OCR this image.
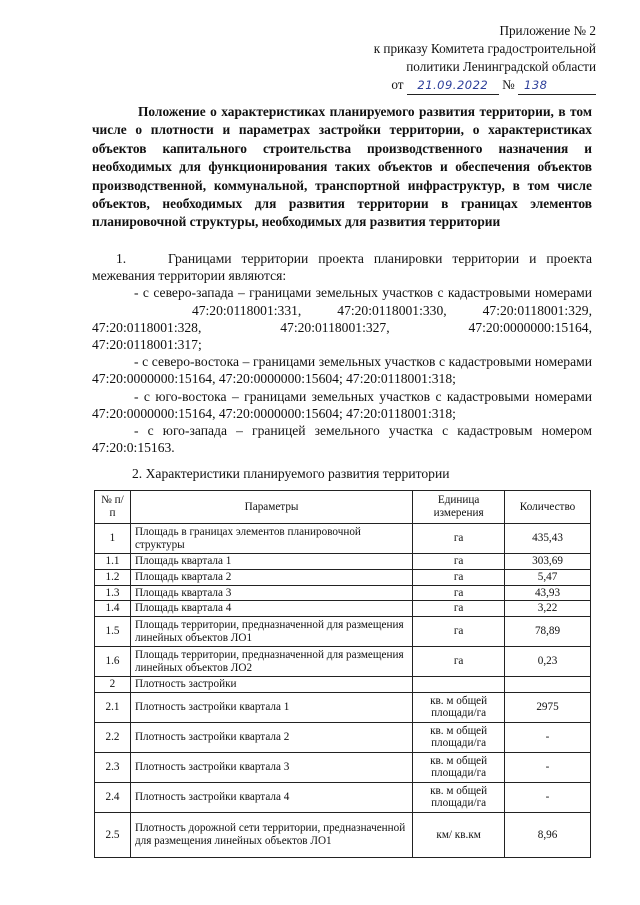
Приложение № 2
к приказу Комитета градостроительной
политики Ленинградской области
от 21.09.2022 № 138
Положение о характеристиках планируемого развития территории, в том числе о плотности и параметрах застройки территории, о характеристиках объектов капитального строительства производственного назначения и необходимых для функционирования таких объектов и обеспечения объектов производственной, коммунальной, транспортной инфраструктур, в том числе объектов, необходимых для развития территории в границах элементов планировочной структуры, необходимых для развития территории

1.	Границами территории проекта планировки территории и проекта межевания территории являются:

- с северо-запада – границами земельных участков с кадастровыми номерами

47:20:0118001:331,	47:20:0118001:330,	47:20:0118001:329,
47:20:0118001:328,	47:20:0118001:327,	47:20:0000000:15164,

47:20:0118001:317;

- с северо-востока – границами земельных участков с кадастровыми номерами 47:20:0000000:15164, 47:20:0000000:15604; 47:20:0118001:318;

- с юго-востока – границами земельных участков с кадастровыми номерами 47:20:0000000:15164, 47:20:0000000:15604; 47:20:0118001:318;

- с юго-запада – границей земельного участка с кадастровым номером 47:20:0:15163.

2. Характеристики планируемого развития территории
№ п/п	Параметры	Единица измерения	Количество
1	Площадь в границах элементов планировочной структуры	га	435,43
1.1	Площадь квартала 1	га	303,69
1.2	Площадь квартала 2	га	5,47
1.3	Площадь квартала 3	га	43,93
1.4	Площадь квартала 4	га	3,22
1.5	Площадь территории, предназначенной для размещения линейных объектов ЛО1	га	78,89
1.6	Площадь территории, предназначенной для размещения линейных объектов ЛО2	га	0,23
2	Плотность застройки		
2.1	Плотность застройки квартала 1	кв. м общей площади/га	2975
2.2	Плотность застройки квартала 2	кв. м общей площади/га	-
2.3	Плотность застройки квартала 3	кв. м общей площади/га	-
2.4	Плотность застройки квартала 4	кв. м общей площади/га	-
2.5	Плотность дорожной сети территории, предназначенной для размещения линейных объектов ЛО1	км/ кв.км	8,96
